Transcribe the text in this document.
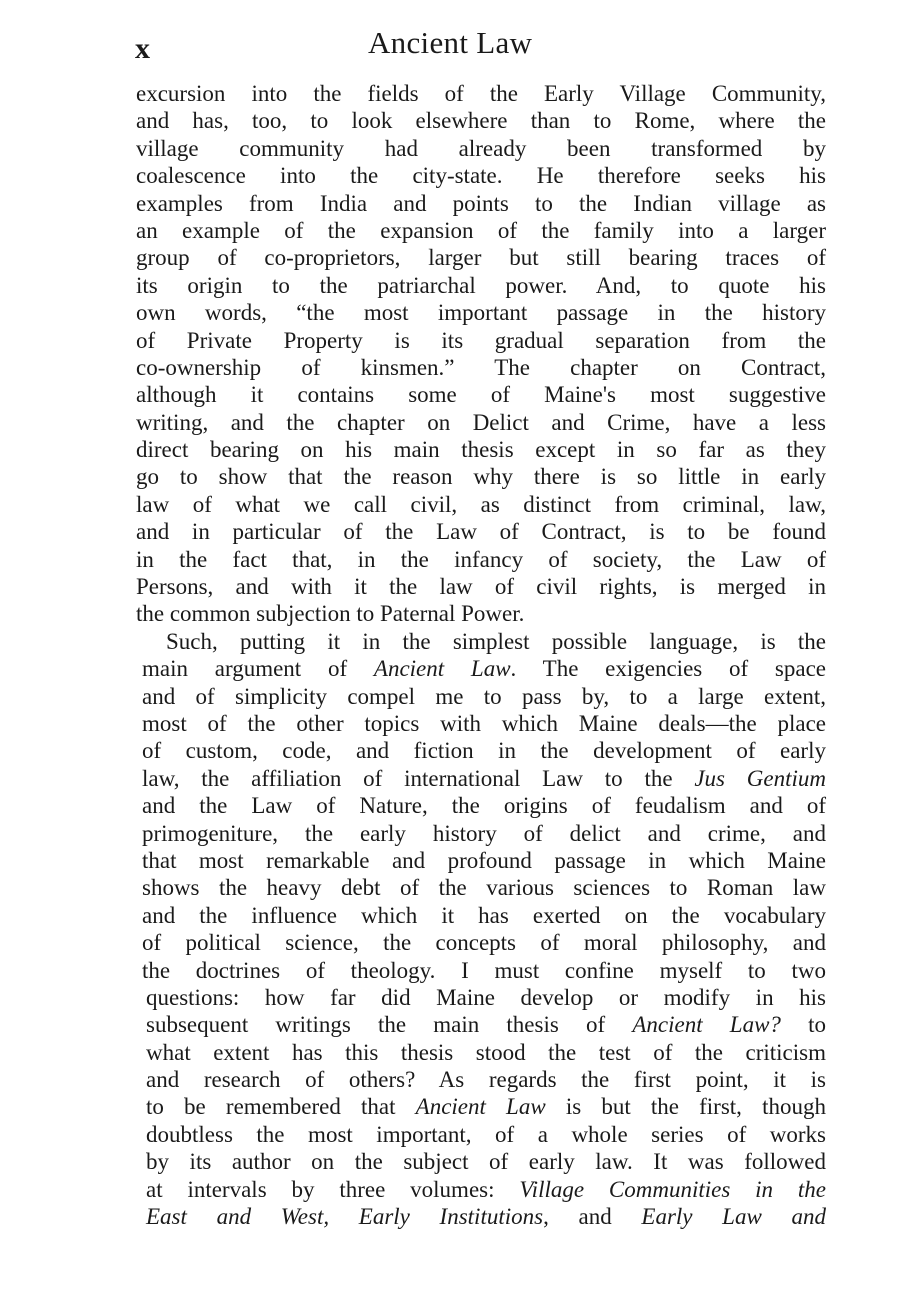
x	Ancient Law
excursion into the fields of the Early Village Community,
and has, too, to look elsewhere than to Rome, where the
village community had already been transformed by
coalescence into the city-state. He therefore seeks his
examples from India and points to the Indian village as
an example of the expansion of the family into a larger
group of co-proprietors, larger but still bearing traces of
its origin to the patriarchal power. And, to quote his
own words, “the most important passage in the history
of Private Property is its gradual separation from the
co-ownership of kinsmen.” The chapter on Contract,
although it contains some of Maine's most suggestive
writing, and the chapter on Delict and Crime, have a less
direct bearing on his main thesis except in so far as they
go to show that the reason why there is so little in early
law of what we call civil, as distinct from criminal, law,
and in particular of the Law of Contract, is to be found
in the fact that, in the infancy of society, the Law of
Persons, and with it the law of civil rights, is merged in
the common subjection to Paternal Power.
Such, putting it in the simplest possible language, is the
main argument of Ancient Law. The exigencies of space
and of simplicity compel me to pass by, to a large extent,
most of the other topics with which Maine deals—the place
of custom, code, and fiction in the development of early
law, the affiliation of international Law to the Jus Gentium
and the Law of Nature, the origins of feudalism and of
primogeniture, the early history of delict and crime, and
that most remarkable and profound passage in which Maine
shows the heavy debt of the various sciences to Roman law
and the influence which it has exerted on the vocabulary
of political science, the concepts of moral philosophy, and
the doctrines of theology. I must confine myself to two
questions: how far did Maine develop or modify in his
subsequent writings the main thesis of Ancient Law? to
what extent has this thesis stood the test of the criticism
and research of others? As regards the first point, it is
to be remembered that Ancient Law is but the first, though
doubtless the most important, of a whole series of works
by its author on the subject of early law. It was followed
at intervals by three volumes: Village Communities in the
East and West, Early Institutions, and Early Law and
